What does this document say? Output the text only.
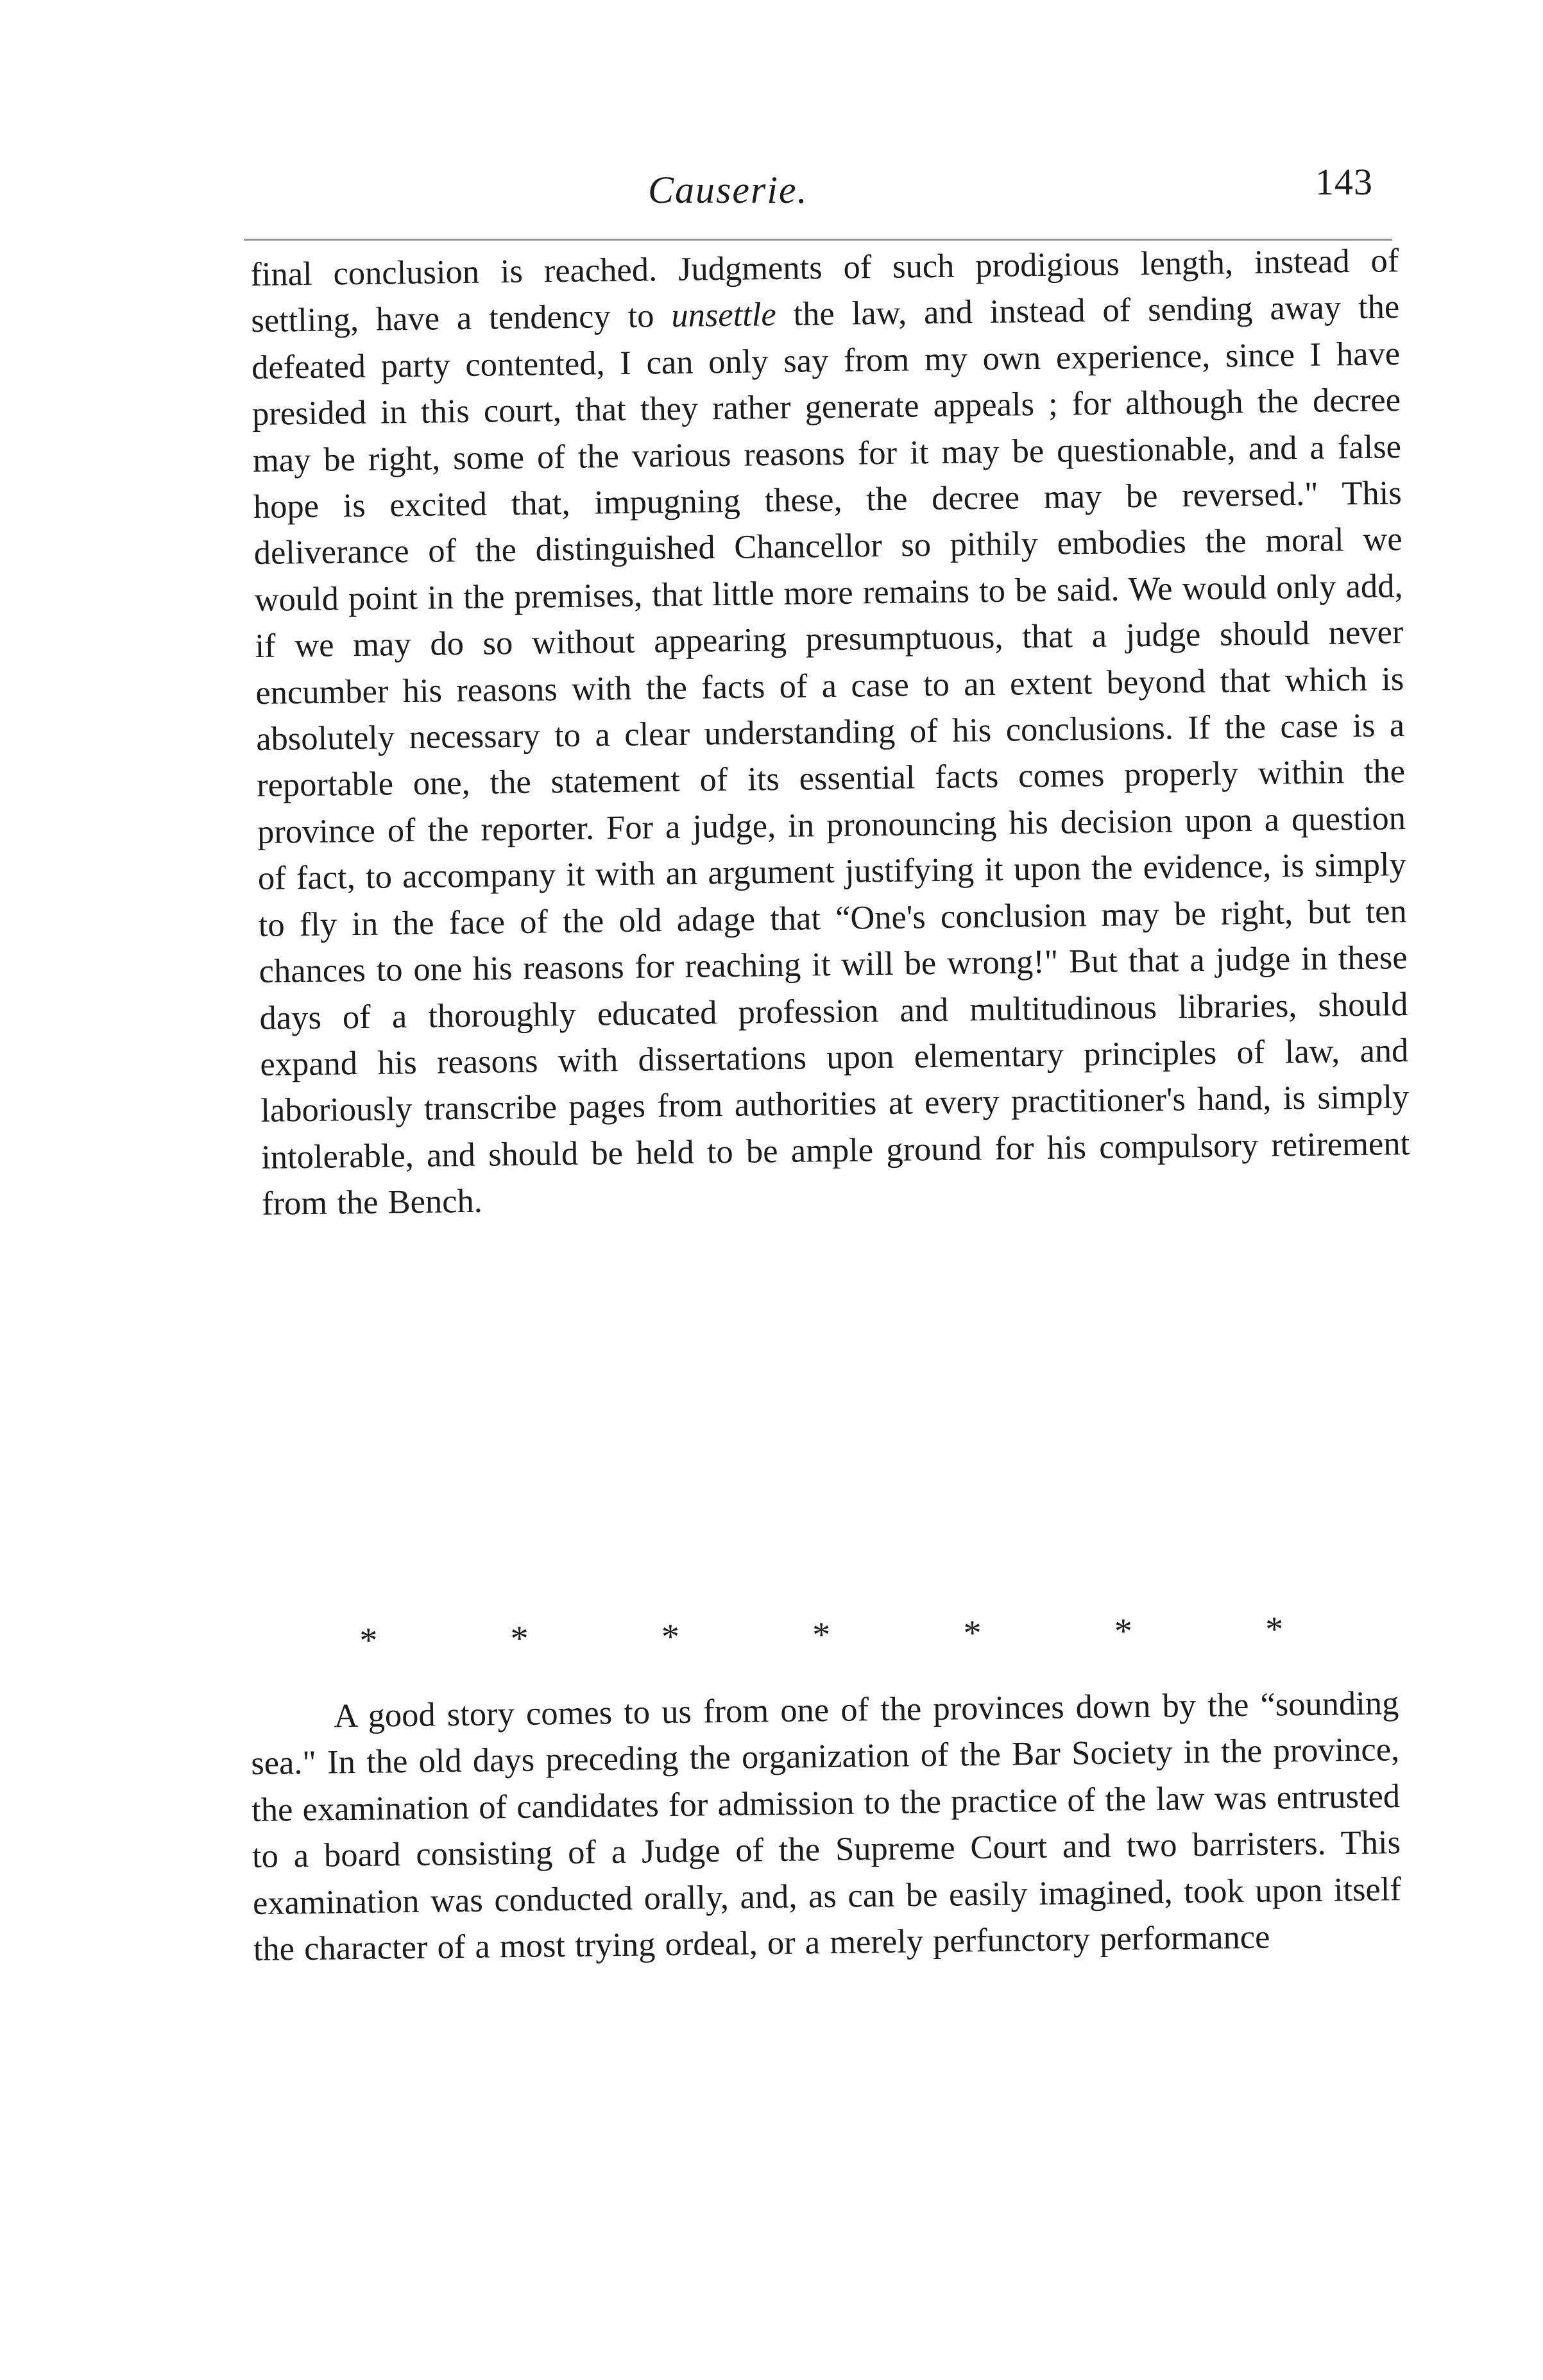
Causerie.	143

final conclusion is reached. Judgments of such prodigious length, instead of settling, have a tendency to unsettle the law, and instead of sending away the defeated party contented, I can only say from my own experience, since I have presided in this court, that they rather generate appeals ; for although the decree may be right, some of the various reasons for it may be questionable, and a false hope is excited that, impugning these, the decree may be reversed." This deliverance of the distinguished Chancellor so pithily embodies the moral we would point in the premises, that little more remains to be said. We would only add, if we may do so without appearing presumptuous, that a judge should never encumber his reasons with the facts of a case to an extent beyond that which is absolutely necessary to a clear understanding of his conclusions. If the case is a reportable one, the statement of its essential facts comes properly within the province of the reporter. For a judge, in pronouncing his decision upon a question of fact, to accompany it with an argument justifying it upon the evidence, is simply to fly in the face of the old adage that “One's conclusion may be right, but ten chances to one his reasons for reaching it will be wrong!" But that a judge in these days of a thoroughly educated profession and multitudinous libraries, should expand his reasons with dissertations upon elementary principles of law, and laboriously transcribe pages from authorities at every practitioner's hand, is simply intolerable, and should be held to be ample ground for his compulsory retirement from the Bench.

*	*	*	*	*	*	*

A good story comes to us from one of the provinces down by the “sounding sea." In the old days preceding the organization of the Bar Society in the province, the examination of candidates for admission to the practice of the law was entrusted to a board consisting of a Judge of the Supreme Court and two barristers. This examination was conducted orally, and, as can be easily imagined, took upon itself the character of a most trying ordeal, or a merely perfunctory performance
